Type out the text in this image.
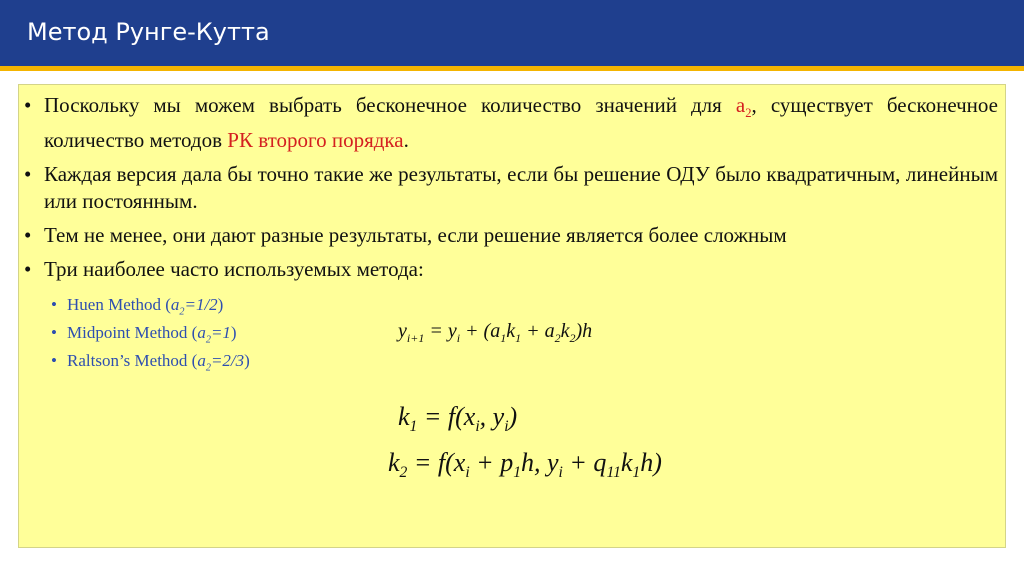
Метод Рунге-Кутта
• Поскольку мы можем выбрать бесконечное количество значений для $a_2$, существует бесконечное количество методов РК второго порядка.
• Каждая версия дала бы точно такие же результаты, если бы решение ОДУ было квадратичным, линейным или постоянным.
• Тем не менее, они дают разные результаты, если решение является более сложным
• Три наиболее часто используемых метода:
• Huen Method $(a_2=1/2)$
• Midpoint Method $(a_2=1)$
• Raltson’s Method $(a_2=2/3)$
$y_{i+1} = y_i + (a_1k_1 + a_2k_2)h$
$k_1 = f(x_i$, $y_i$)
$k_2 = f(x_i + p_1h$, $y_i + q_{11}k_1h$)
